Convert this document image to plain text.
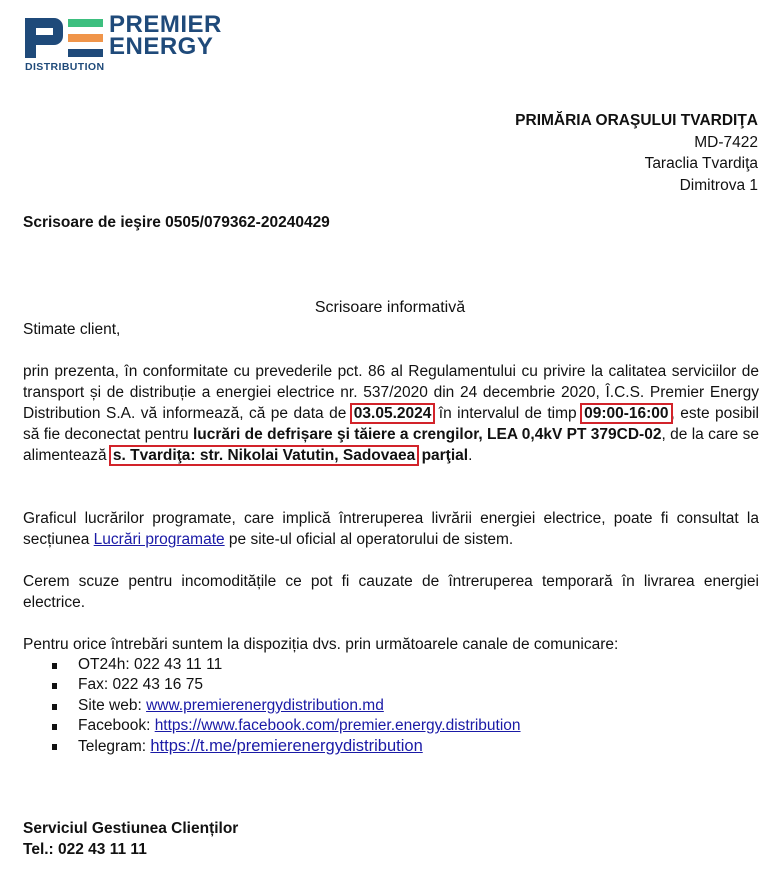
DISTRIBUTION
PREMIER
ENERGY
PRIMĂRIA ORAŞULUI TVARDIŢA
MD-7422
Taraclia Tvardiţa
Dimitrova 1
Scrisoare de ieşire 0505/079362-20240429
Scrisoare informativă
Stimate client,
prin prezenta, în conformitate cu prevederile pct. 86 al Regulamentului cu privire la calitatea serviciilor de transport și de distribuție a energiei electrice nr. 537/2020 din 24 decembrie 2020, Î.C.S. Premier Energy Distribution S.A. vă informează, că pe data de 03.05.2024 în intervalul de timp 09:00-16:00 , este posibil să fie deconectat pentru lucrări de defrișare şi tăiere a crengilor, LEA 0,4kV PT 379CD-02, de la care se alimentează s. Tvardiţa: str. Nikolai Vatutin, Sadovaea parţial.
Graficul lucrărilor programate, care implică întreruperea livrării energiei electrice, poate fi consultat la secțiunea Lucrări programate pe site-ul oficial al operatorului de sistem.
Cerem scuze pentru incomoditățile ce pot fi cauzate de întreruperea temporară în livrarea energiei electrice.
Pentru orice întrebări suntem la dispoziția dvs. prin următoarele canale de comunicare:
OT24h: 022 43 11 11
Fax: 022 43 16 75
Site web: www.premierenergydistribution.md
Facebook: https://www.facebook.com/premier.energy.distribution
Telegram: https://t.me/premierenergydistribution
Serviciul Gestiunea Clienților
Tel.: 022 43 11 11
